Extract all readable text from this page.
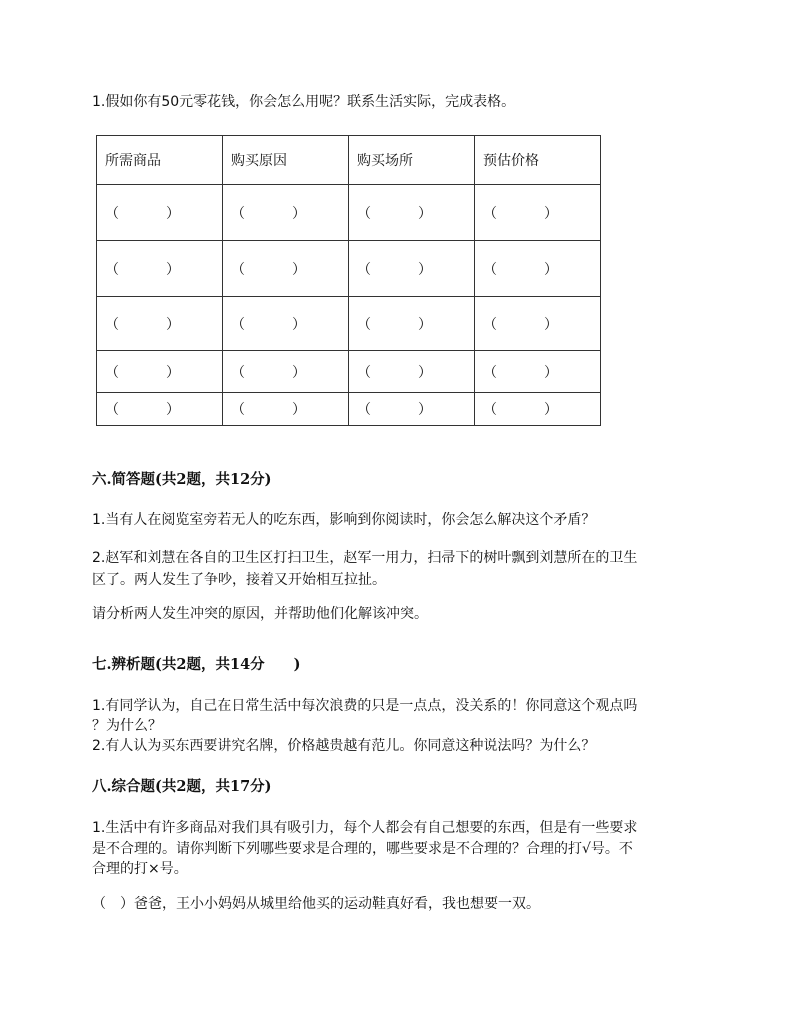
1.假如你有50元零花钱，你会怎么用呢？联系生活实际，完成表格。
所需商品	购买原因	购买场所	预估价格

（ ）	（ ）	（ ）	（ ）

（ ）	（ ）	（ ）	（ ）

（ ）	（ ）	（ ）	（ ）

（ ）	（ ）	（ ）	（ ）

（ ）	（ ）	（ ）	（ ）
六.简答题(共2题，共12分)
1.当有人在阅览室旁若无人的吃东西，影响到你阅读时，你会怎么解决这个矛盾？
2.赵军和刘慧在各自的卫生区打扫卫生，赵军一用力，扫帚下的树叶飘到刘慧所在的卫生
区了。两人发生了争吵，接着又开始相互拉扯。
请分析两人发生冲突的原因，并帮助他们化解该冲突。
七.辨析题(共2题，共14分　　)
1.有同学认为，自己在日常生活中每次浪费的只是一点点，没关系的！你同意这个观点吗
？为什么？
2.有人认为买东西要讲究名牌，价格越贵越有范儿。你同意这种说法吗？为什么？
八.综合题(共2题，共17分)
1.生活中有许多商品对我们具有吸引力，每个人都会有自己想要的东西，但是有一些要求
是不合理的。请你判断下列哪些要求是合理的，哪些要求是不合理的？合理的打√号。不
合理的打×号。
（　）爸爸，王小小妈妈从城里给他买的运动鞋真好看，我也想要一双。
